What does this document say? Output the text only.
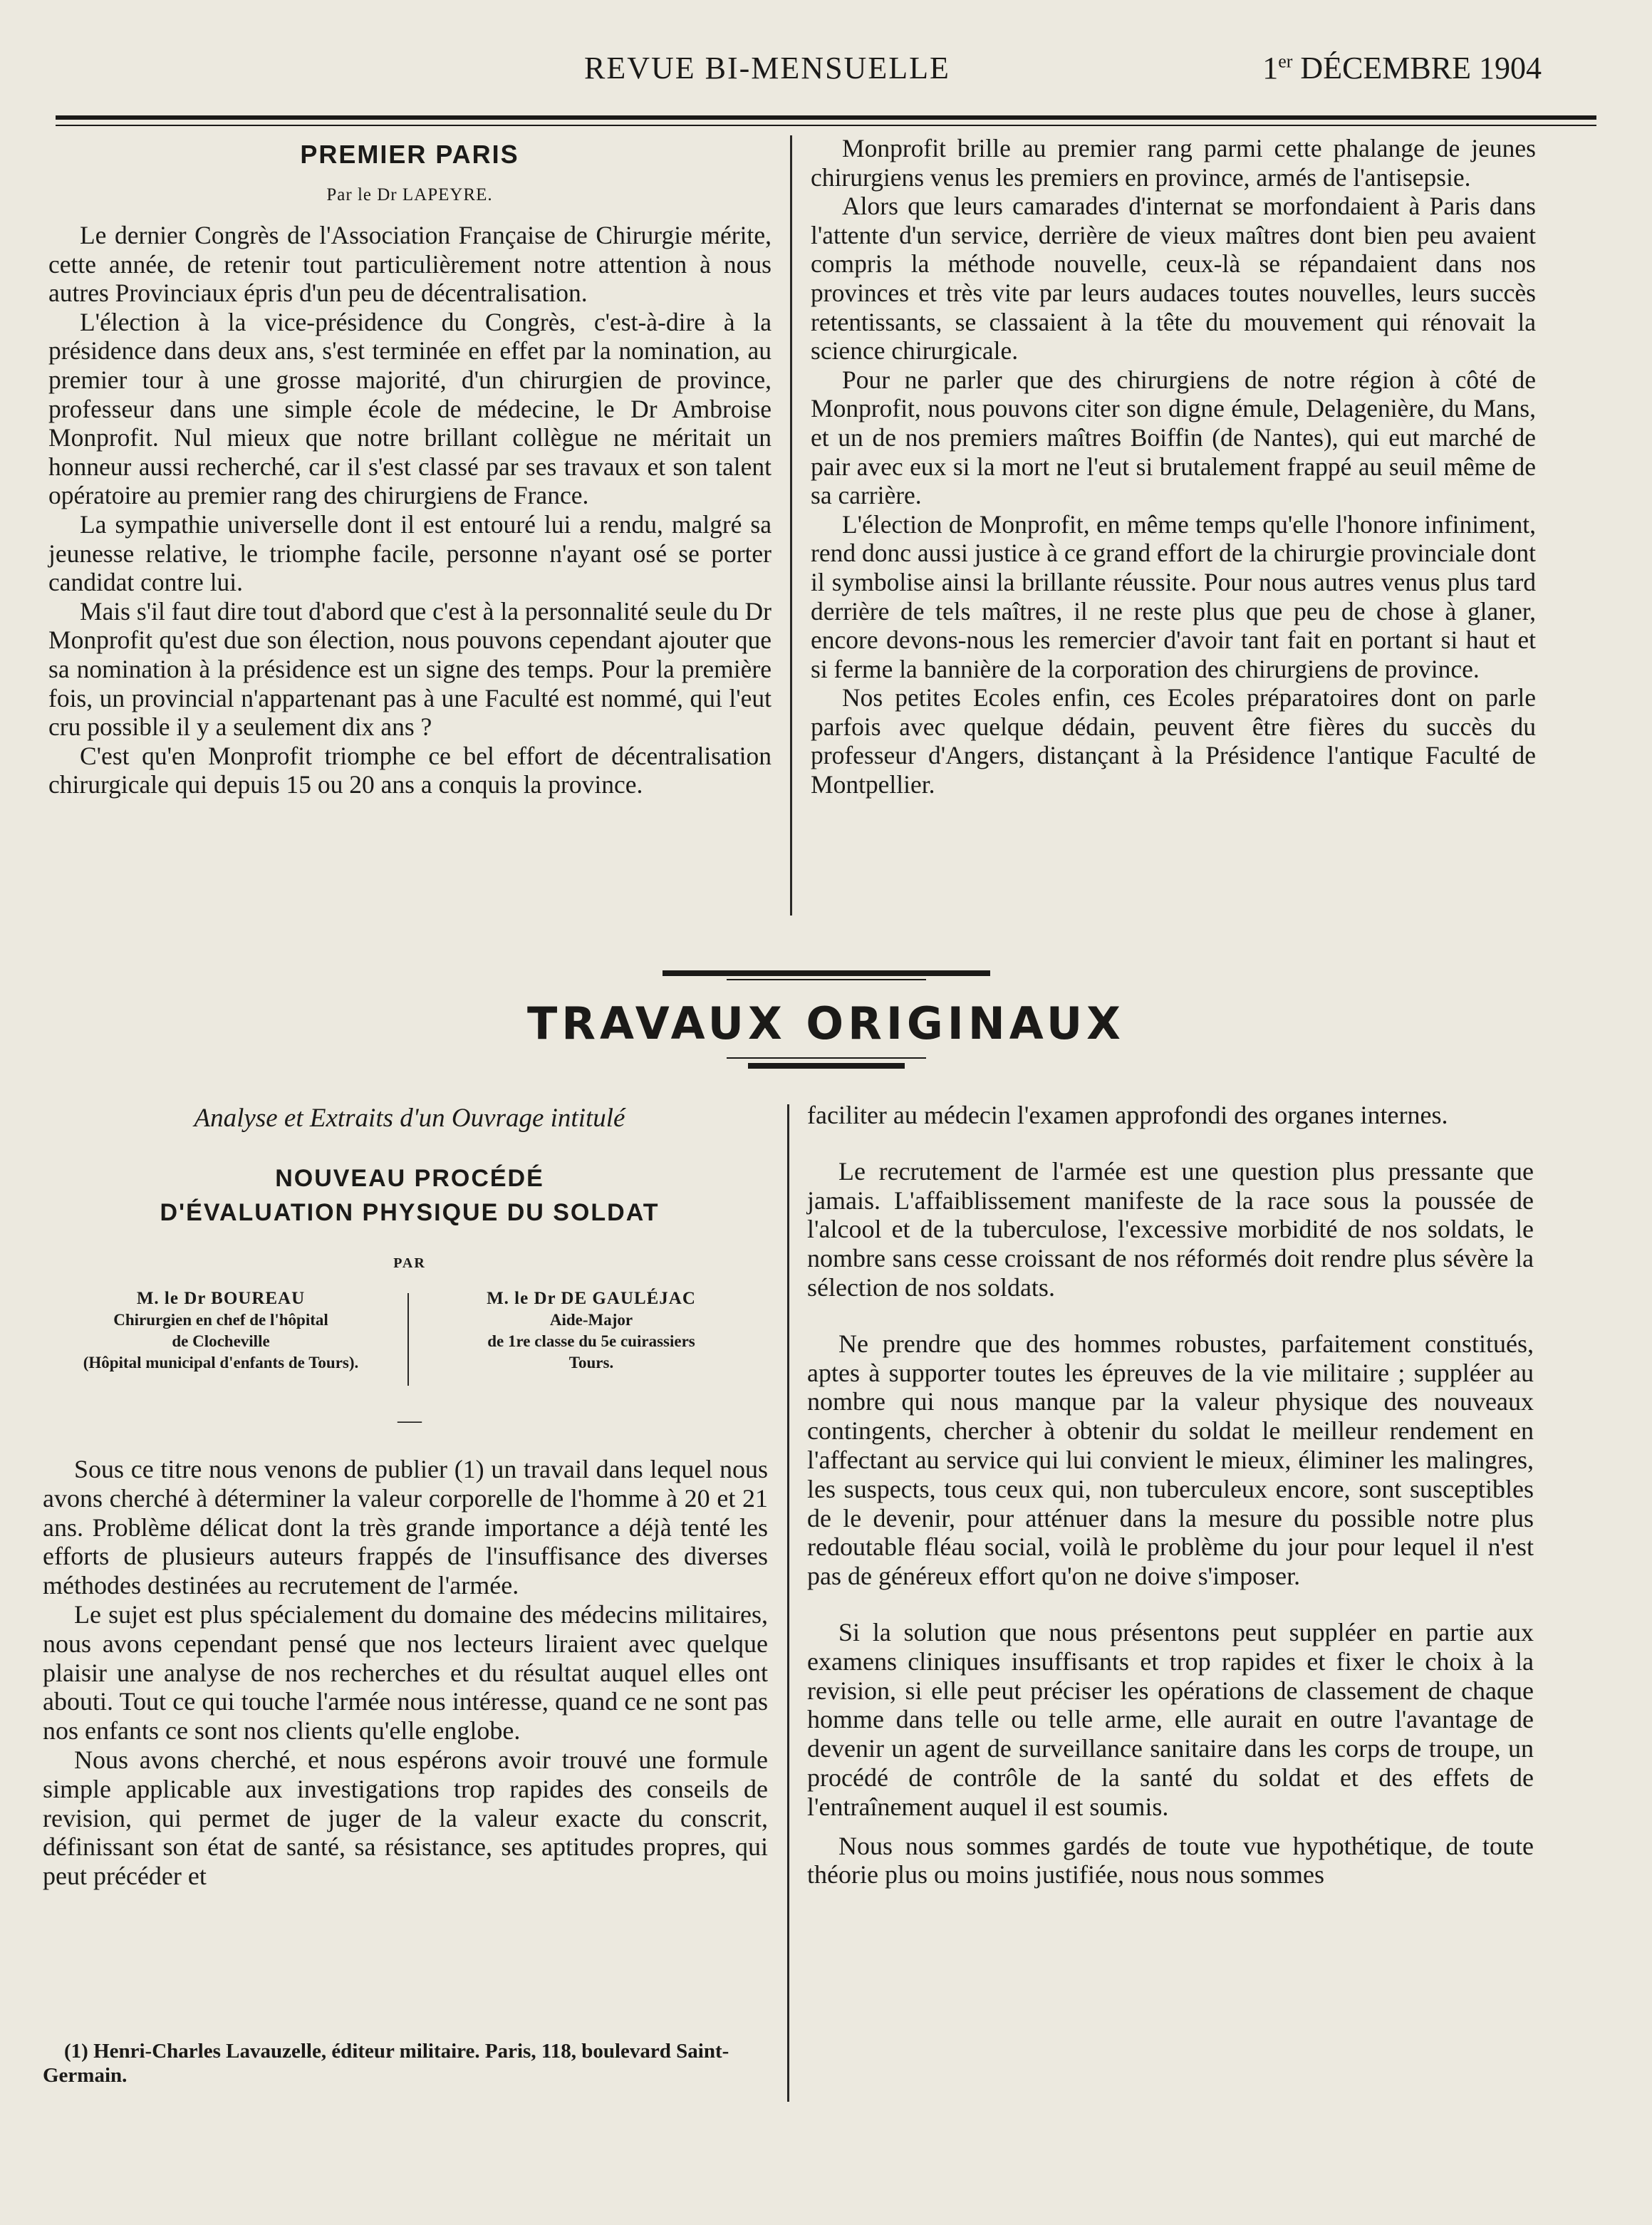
REVUE BI-MENSUELLE	1er DÉCEMBRE 1904
PREMIER PARIS
Par le Dr LAPEYRE.

Le dernier Congrès de l'Association Française de Chirurgie mérite, cette année, de retenir tout particulièrement notre attention à nous autres Provinciaux épris d'un peu de décentralisation.

L'élection à la vice-présidence du Congrès, c'est-à-dire à la présidence dans deux ans, s'est terminée en effet par la nomination, au premier tour à une grosse majorité, d'un chirurgien de province, professeur dans une simple école de médecine, le Dr Ambroise Monprofit. Nul mieux que notre brillant collègue ne méritait un honneur aussi recherché, car il s'est classé par ses travaux et son talent opératoire au premier rang des chirurgiens de France.

La sympathie universelle dont il est entouré lui a rendu, malgré sa jeunesse relative, le triomphe facile, personne n'ayant osé se porter candidat contre lui.

Mais s'il faut dire tout d'abord que c'est à la personnalité seule du Dr Monprofit qu'est due son élection, nous pouvons cependant ajouter que sa nomination à la présidence est un signe des temps. Pour la première fois, un provincial n'appartenant pas à une Faculté est nommé, qui l'eut cru possible il y a seulement dix ans ?

C'est qu'en Monprofit triomphe ce bel effort de décentralisation chirurgicale qui depuis 15 ou 20 ans a conquis la province.

Monprofit brille au premier rang parmi cette phalange de jeunes chirurgiens venus les premiers en province, armés de l'antisepsie.

Alors que leurs camarades d'internat se morfondaient à Paris dans l'attente d'un service, derrière de vieux maîtres dont bien peu avaient compris la méthode nouvelle, ceux-là se répandaient dans nos provinces et très vite par leurs audaces toutes nouvelles, leurs succès retentissants, se classaient à la tête du mouvement qui rénovait la science chirurgicale.

Pour ne parler que des chirurgiens de notre région à côté de Monprofit, nous pouvons citer son digne émule, Delagenière, du Mans, et un de nos premiers maîtres Boiffin (de Nantes), qui eut marché de pair avec eux si la mort ne l'eut si brutalement frappé au seuil même de sa carrière.

L'élection de Monprofit, en même temps qu'elle l'honore infiniment, rend donc aussi justice à ce grand effort de la chirurgie provinciale dont il symbolise ainsi la brillante réussite. Pour nous autres venus plus tard derrière de tels maîtres, il ne reste plus que peu de chose à glaner, encore devons-nous les remercier d'avoir tant fait en portant si haut et si ferme la bannière de la corporation des chirurgiens de province.

Nos petites Ecoles enfin, ces Ecoles préparatoires dont on parle parfois avec quelque dédain, peuvent être fières du succès du professeur d'Angers, distançant à la Présidence l'antique Faculté de Montpellier.

TRAVAUX ORIGINAUX
Analyse et Extraits d'un Ouvrage intitulé
NOUVEAU PROCÉDÉ
D'ÉVALUATION PHYSIQUE DU SOLDAT
PAR
M. le Dr BOUREAU
Chirurgien en chef de l'hôpital
de Clocheville
(Hôpital municipal d'enfants de Tours).
M. le Dr DE GAULÉJAC
Aide-Major
de 1re classe du 5e cuirassiers
Tours.
—

Sous ce titre nous venons de publier (1) un travail dans lequel nous avons cherché à déterminer la valeur corporelle de l'homme à 20 et 21 ans. Problème délicat dont la très grande importance a déjà tenté les efforts de plusieurs auteurs frappés de l'insuffisance des diverses méthodes destinées au recrutement de l'armée.

Le sujet est plus spécialement du domaine des médecins militaires, nous avons cependant pensé que nos lecteurs liraient avec quelque plaisir une analyse de nos recherches et du résultat auquel elles ont abouti. Tout ce qui touche l'armée nous intéresse, quand ce ne sont pas nos enfants ce sont nos clients qu'elle englobe.

Nous avons cherché, et nous espérons avoir trouvé une formule simple applicable aux investigations trop rapides des conseils de revision, qui permet de juger de la valeur exacte du conscrit, définissant son état de santé, sa résistance, ses aptitudes propres, qui peut précéder et

(1) Henri-Charles Lavauzelle, éditeur militaire. Paris, 118, boulevard Saint-Germain.

faciliter au médecin l'examen approfondi des organes internes.

Le recrutement de l'armée est une question plus pressante que jamais. L'affaiblissement manifeste de la race sous la poussée de l'alcool et de la tuberculose, l'excessive morbidité de nos soldats, le nombre sans cesse croissant de nos réformés doit rendre plus sévère la sélection de nos soldats.

Ne prendre que des hommes robustes, parfaitement constitués, aptes à supporter toutes les épreuves de la vie militaire ; suppléer au nombre qui nous manque par la valeur physique des nouveaux contingents, chercher à obtenir du soldat le meilleur rendement en l'affectant au service qui lui convient le mieux, éliminer les malingres, les suspects, tous ceux qui, non tuberculeux encore, sont susceptibles de le devenir, pour atténuer dans la mesure du possible notre plus redoutable fléau social, voilà le problème du jour pour lequel il n'est pas de généreux effort qu'on ne doive s'imposer.

Si la solution que nous présentons peut suppléer en partie aux examens cliniques insuffisants et trop rapides et fixer le choix à la revision, si elle peut préciser les opérations de classement de chaque homme dans telle ou telle arme, elle aurait en outre l'avantage de devenir un agent de surveillance sanitaire dans les corps de troupe, un procédé de contrôle de la santé du soldat et des effets de l'entraînement auquel il est soumis.

Nous nous sommes gardés de toute vue hypothétique, de toute théorie plus ou moins justifiée, nous nous sommes
